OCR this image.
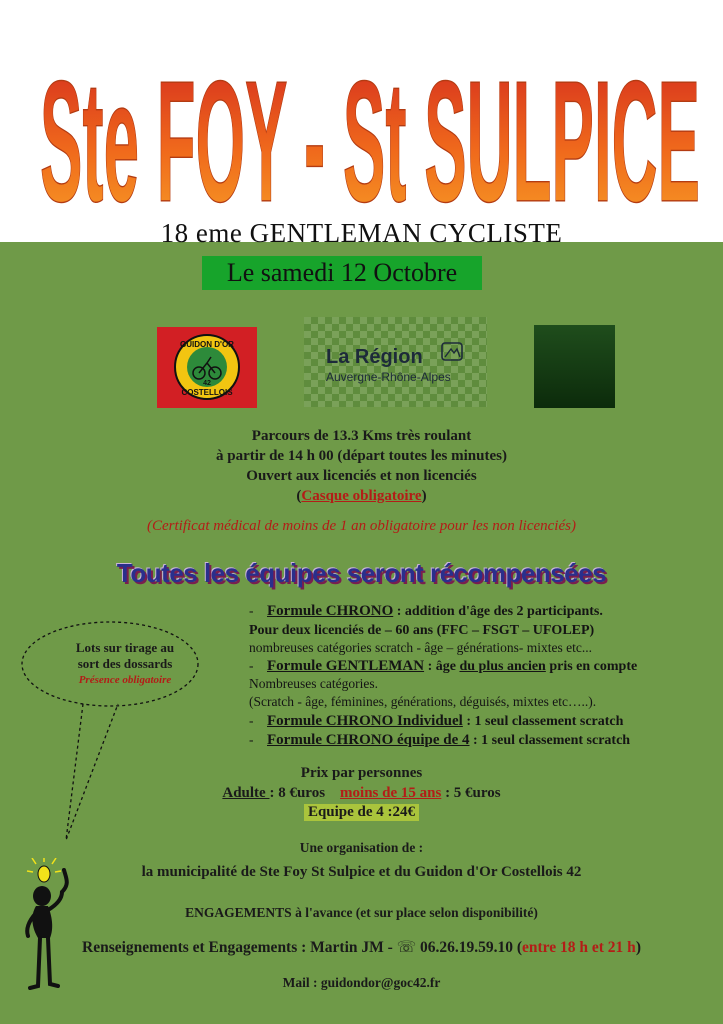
Ste FOY - St SULPICE
18 eme GENTLEMAN CYCLISTE
Le samedi 12 Octobre
GUIDON D'OR
42
COSTELLOIS
La Région
Auvergne-Rhône-Alpes
Parcours de 13.3 Kms très roulant
à partir de 14 h 00 (départ toutes les minutes)
Ouvert aux licenciés et non licenciés
(Casque obligatoire)
(Certificat médical de moins de 1 an obligatoire pour les non licenciés)
Toutes les équipes seront récompensées
- Formule CHRONO : addition d'âge des 2 participants.
Pour deux licenciés de – 60 ans (FFC – FSGT – UFOLEP)
nombreuses catégories scratch - âge – générations- mixtes etc...
- Formule GENTLEMAN : âge du plus ancien pris en compte
Nombreuses catégories.
(Scratch - âge, féminines, générations, déguisés, mixtes etc…..).
- Formule CHRONO Individuel : 1 seul classement scratch
- Formule CHRONO équipe de 4 : 1 seul classement scratch
Lots sur tirage au
sort des dossards
Présence obligatoire
Prix par personnes
Adulte : 8 €uros moins de 15 ans : 5 €uros
Equipe de 4 :24€
Une organisation de :
la municipalité de Ste Foy St Sulpice et du Guidon d'Or Costellois 42
ENGAGEMENTS à l'avance (et sur place selon disponibilité)
Renseignements et Engagements : Martin JM - ☏ 06.26.19.59.10 (entre 18 h et 21 h)
Mail : guidondor@goc42.fr
